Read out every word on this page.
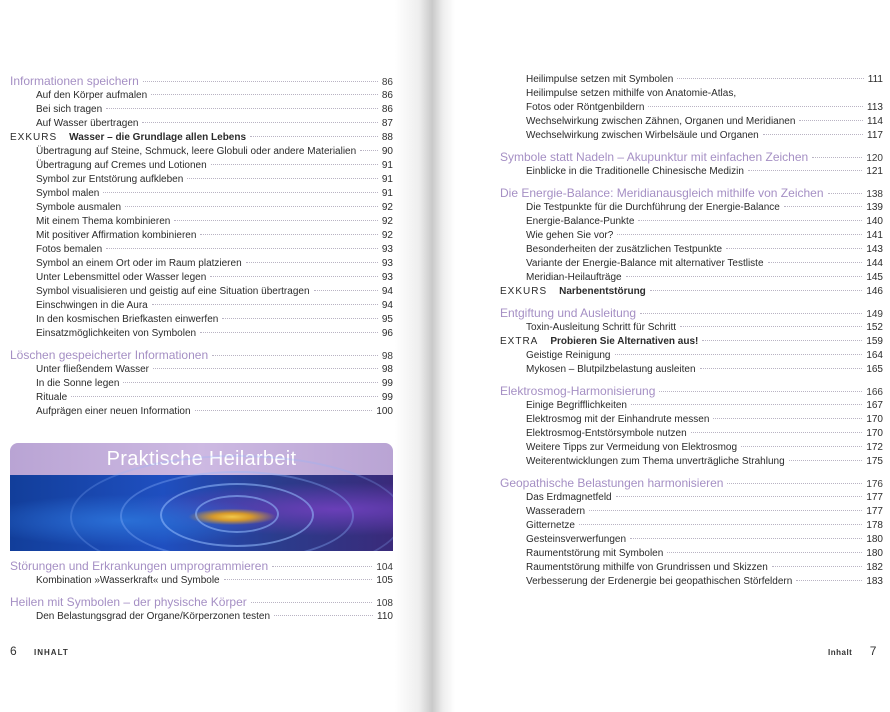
Informationen speichern	86
Auf den Körper aufmalen	86
Bei sich tragen	86
Auf Wasser übertragen	87
EXKURS Wasser – die Grundlage allen Lebens	88
Übertragung auf Steine, Schmuck, leere Globuli oder andere Materialien	90
Übertragung auf Cremes und Lotionen	91
Symbol zur Entstörung aufkleben	91
Symbol malen	91
Symbole ausmalen	92
Mit einem Thema kombinieren	92
Mit positiver Affirmation kombinieren	92
Fotos bemalen	93
Symbol an einem Ort oder im Raum platzieren	93
Unter Lebensmittel oder Wasser legen	93
Symbol visualisieren und geistig auf eine Situation übertragen	94
Einschwingen in die Aura	94
In den kosmischen Briefkasten einwerfen	95
Einsatzmöglichkeiten von Symbolen	96
Löschen gespeicherter Informationen	98
Unter fließendem Wasser	98
In die Sonne legen	99
Rituale	99
Aufprägen einer neuen Information	100
Praktische Heilarbeit
Störungen und Erkrankungen umprogrammieren	104
Kombination »Wasserkraft« und Symbole	105
Heilen mit Symbolen – der physische Körper	108
Den Belastungsgrad der Organe/Körperzonen testen	110
6 INHALT
Heilimpulse setzen mit Symbolen	111
Heilimpulse setzen mithilfe von Anatomie-Atlas,
Fotos oder Röntgenbildern	113
Wechselwirkung zwischen Zähnen, Organen und Meridianen	114
Wechselwirkung zwischen Wirbelsäule und Organen	117
Symbole statt Nadeln – Akupunktur mit einfachen Zeichen	120
Einblicke in die Traditionelle Chinesische Medizin	121
Die Energie-Balance: Meridianausgleich mithilfe von Zeichen	138
Die Testpunkte für die Durchführung der Energie-Balance	139
Energie-Balance-Punkte	140
Wie gehen Sie vor?	141
Besonderheiten der zusätzlichen Testpunkte	143
Variante der Energie-Balance mit alternativer Testliste	144
Meridian-Heilaufträge	145
EXKURS Narbenentstörung	146
Entgiftung und Ausleitung	149
Toxin-Ausleitung Schritt für Schritt	152
EXTRA Probieren Sie Alternativen aus!	159
Geistige Reinigung	164
Mykosen – Blutpilzbelastung ausleiten	165
Elektrosmog-Harmonisierung	166
Einige Begrifflichkeiten	167
Elektrosmog mit der Einhandrute messen	170
Elektrosmog-Entstörsymbole nutzen	170
Weitere Tipps zur Vermeidung von Elektrosmog	172
Weiterentwicklungen zum Thema unverträgliche Strahlung	175
Geopathische Belastungen harmonisieren	176
Das Erdmagnetfeld	177
Wasseradern	177
Gitternetze	178
Gesteinsverwerfungen	180
Raumentstörung mit Symbolen	180
Raumentstörung mithilfe von Grundrissen und Skizzen	182
Verbesserung der Erdenergie bei geopathischen Störfeldern	183
Inhalt 7
